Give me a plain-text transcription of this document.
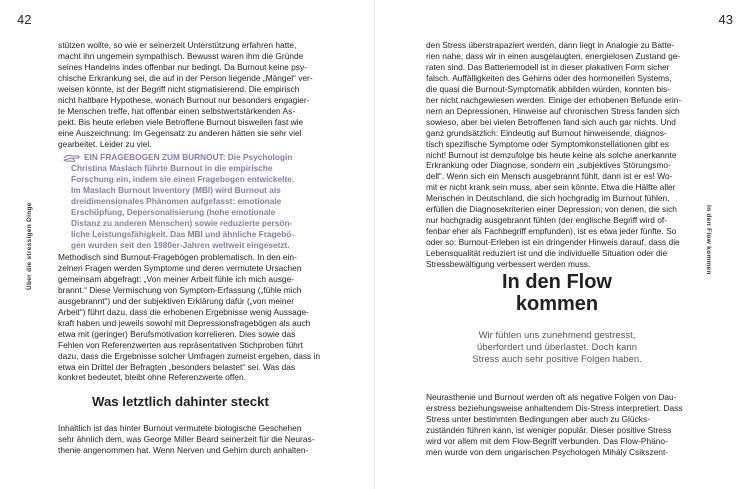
42	43
Über die stressigen Dinge	In den Flow kommen
stützen wollte, so wie er seinerzeit Unterstützung erfahren hatte,
macht ihn ungemein sympathisch. Bewusst waren ihm die Gründe
seines Handelns indes offenbar nur bedingt. Da Burnout keine psy-
chische Erkrankung sei, die auf in der Person liegende „Mängel“ ver-
weisen könnte, ist der Begriff nicht stigmatisierend. Die empirisch
nicht haltbare Hypothese, wonach Burnout nur besonders engagier-
te Menschen treffe, hat offenbar einen selbstwertstärkenden As-
pekt. Bis heute erleben viele Betroffene Burnout bisweilen fast wie
eine Auszeichnung: Im Gegensatz zu anderen hätten sie sehr viel
gearbeitet. Leider zu viel.
EIN FRAGEBOGEN ZUM BURNOUT: Die Psychologin
Christina Maslach führte Burnout in die empirische
Forschung ein, indem sie einen Fragebogen entwickelte.
Im Maslach Burnout Inventory (MBI) wird Burnout als
dreidimensionales Phänomen aufgefasst: emotionale
Erschöpfung, Depersonalisierung (hohe emotionale
Distanz zu anderen Menschen) sowie reduzierte persön-
liche Leistungsfähigkeit. Das MBI und ähnliche Fragebö-
gen wurden seit den 1980er-Jahren weltweit eingesetzt.
Methodisch sind Burnout-Fragebögen problematisch. In den ein-
zelnen Fragen werden Symptome und deren vermutete Ursachen
gemeinsam abgefragt: „Von meiner Arbeit fühle ich mich ausge-
brannt.“ Diese Vermischung von Symptom-Erfassung („fühle mich
ausgebrannt“) und der subjektiven Erklärung dafür („von meiner
Arbeit“) führt dazu, dass die erhobenen Ergebnisse wenig Aussage-
kraft haben und jeweils sowohl mit Depressionsfragebögen als auch
etwa mit (geringer) Berufsmotivation korrelieren. Dies sowie das
Fehlen von Referenzwerten aus repräsentativen Stichproben führt
dazu, dass die Ergebnisse solcher Umfragen zumeist ergeben, dass in
etwa ein Drittel der Befragten „besonders belastet“ sei. Was das
konkret bedeutet, bleibt ohne Referenzwerte offen.
Was letztlich dahinter steckt
Inhaltlich ist das hinter Burnout vermutete biologische Geschehen
sehr ähnlich dem, was George Miller Beard seinerzeit für die Neuras-
thenie angenommen hat. Wenn Nerven und Gehirn durch anhalten-
den Stress überstrapaziert werden, dann liegt in Analogie zu Batte-
rien nahe, dass wir in einen ausgelaugten, energielosen Zustand ge-
raten sind. Das Batteriemodell ist in dieser plakativen Form sicher
falsch. Auffälligkeiten des Gehirns oder des hormonellen Systems,
die quasi die Burnout-Symptomatik abbilden würden, konnten bis-
her nicht nachgewiesen werden. Einige der erhobenen Befunde erin-
nern an Depressionen, Hinweise auf chronischen Stress fanden sich
sowieso, aber bei vielen Betroffenen fand sich auch gar nichts. Und
ganz grundsätzlich: Eindeutig auf Burnout hinweisende, diagnos-
tisch spezifische Symptome oder Symptomkonstellationen gibt es
nicht! Burnout ist demzufolge bis heute keine als solche anerkannte
Erkrankung oder Diagnose, sondern ein „subjektives Störungsmo-
dell“. Wenn sich ein Mensch ausgebrannt fühlt, dann ist er es! Wo-
mit er nicht krank sein muss, aber sein könnte. Etwa die Hälfte aller
Menschen in Deutschland, die sich hochgradig im Burnout fühlen,
erfüllen die Diagnosekriterien einer Depression; von denen, die sich
nur hochgradig ausgebrannt fühlen (der englische Begriff wird of-
fenbar eher als Fachbegriff empfunden), ist es etwa jeder fünfte. So
oder so: Burnout-Erleben ist ein dringender Hinweis darauf, dass die
Lebensqualität reduziert ist und die individuelle Situation oder die
Stressbewältigung verbessert werden muss.
In den Flow
kommen
Wir fühlen uns zunehmend gestresst,
überfordert und überlastet. Doch kann
Stress auch sehr positive Folgen haben.
Neurasthenie und Burnout werden oft als negative Folgen von Dau-
erstress beziehungsweise anhaltendem Dis-Stress interpretiert. Dass
Stress unter bestimmten Bedingungen aber auch zu Glücks-
zuständen führen kann, ist weniger populär. Dieser positive Stress
wird vor allem mit dem Flow-Begriff verbunden. Das Flow-Phäno-
men wurde von dem ungarischen Psychologen Mihály Csikszent-
